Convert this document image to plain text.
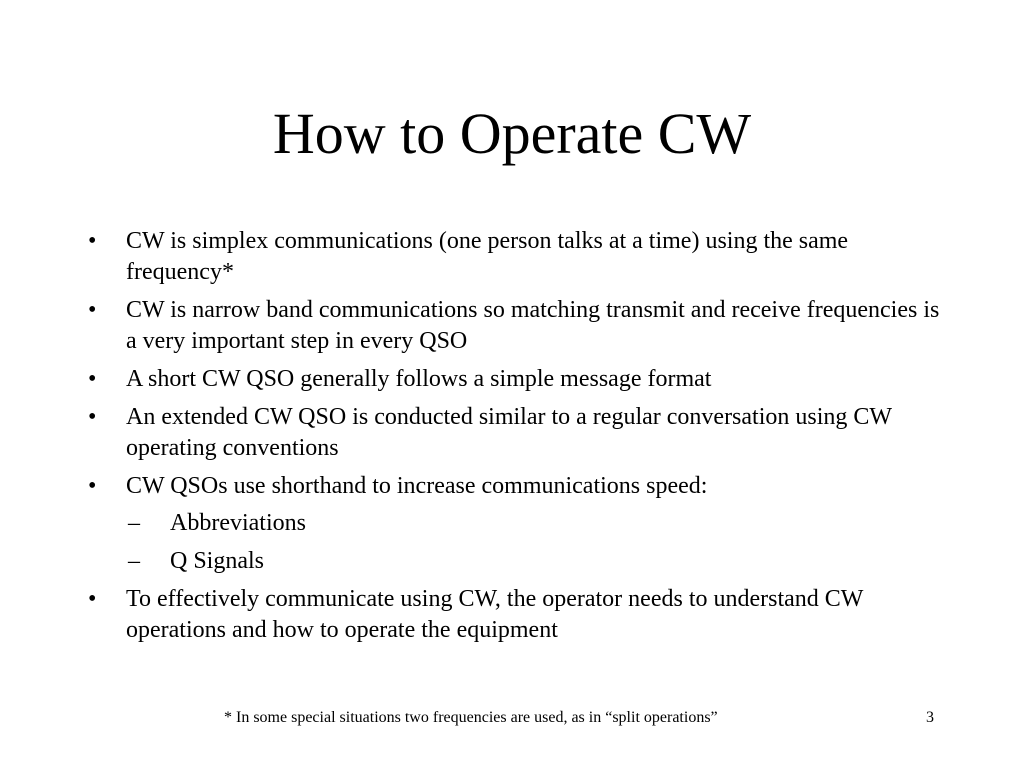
How to Operate CW
• CW is simplex communications (one person talks at a time) using the same frequency*
• CW is narrow band communications so matching transmit and receive frequencies is a very important step in every QSO
• A short CW QSO generally follows a simple message format
• An extended CW QSO is conducted similar to a regular conversation using CW operating conventions
• CW QSOs use shorthand to increase communications speed:
– Abbreviations
– Q Signals
• To effectively communicate using CW, the operator needs to understand CW operations and how to operate the equipment
* In some special situations two frequencies are used, as in “split operations”	3
